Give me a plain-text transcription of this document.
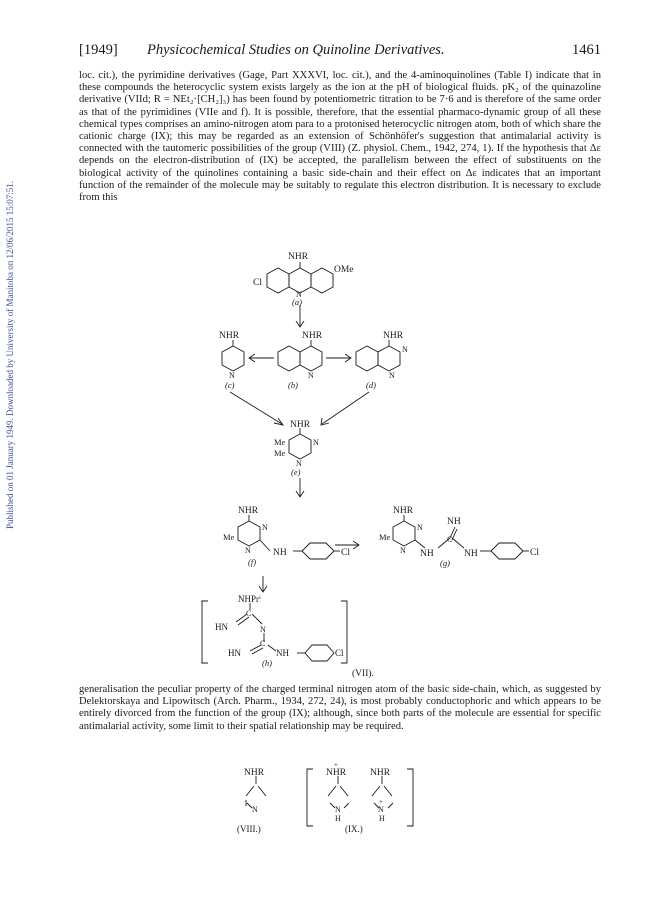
[1949] Physicochemical Studies on Quinoline Derivatives.	1461
Published on 01 January 1949. Downloaded by University of Manitoba on 12/06/2015 15:07:51.
loc. cit.), the pyrimidine derivatives (Gage, Part XXXVI, loc. cit.), and the 4-aminoquinolines (Table I) indicate that in these compounds the heterocyclic system exists largely as the ion at the pH of biological fluids. pK₂ of the quinazoline derivative (VIId; R = NEt₂·[CH₂]₃) has been found by potentiometric titration to be 7·6 and is therefore of the same order as that of the pyrimidines (VIIe and f). It is possible, therefore, that the essential pharmaco-dynamic group of all these chemical types comprises an amino-nitrogen atom para to a protonised heterocyclic nitrogen atom, both of which share the cationic charge (IX); this may be regarded as an extension of Schönhöfer's suggestion that antimalarial activity is connected with the tautomeric possibilities of the group (VIII) (Z. physiol. Chem., 1942, 274, 1). If the hypothesis that Δε depends on the electron-distribution of (IX) be accepted, the parallelism between the effect of substituents on the biological activity of the quinolines containing a basic side-chain and their effect on Δε indicates that an important function of the remainder of the molecule may be suitably to regulate this electron distribution. It is necessary to exclude from this
NHR
OMe
Cl
N
(a)
NHR
NHR	NHR
N	N
N
N
(c)	(b)	(d)
NHR
Me
Me
N
N
(e)
NHR
N
Me
N NH	Cl
(f)
NHR
N
Me
N
NH
C
NH	NH	Cl
(g)
NHPrⁱ
C
HN	N
C
HN	NH	Cl
(h)
(VII).
NHR
N
(VIII.)
+
NHR
N
H
NHR
N
+
H
(IX.)
generalisation the peculiar property of the charged terminal nitrogen atom of the basic side-chain, which, as suggested by Delektorskaya and Lipowitsch (Arch. Pharm., 1934, 272, 24), is most probably conductophoric and which appears to be entirely divorced from the function of the group (IX); although, since both parts of the molecule are essential for specific antimalarial activity, some limit to their spatial relationship may be required.
